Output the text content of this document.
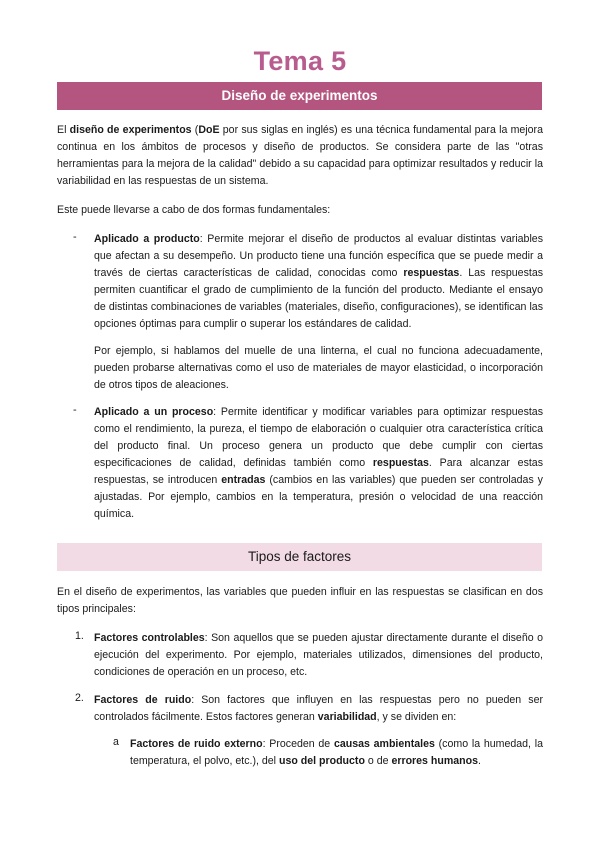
Tema 5
Diseño de experimentos

El diseño de experimentos (DoE por sus siglas en inglés) es una técnica fundamental para la mejora continua en los ámbitos de procesos y diseño de productos. Se considera parte de las "otras herramientas para la mejora de la calidad" debido a su capacidad para optimizar resultados y reducir la variabilidad en las respuestas de un sistema.

Este puede llevarse a cabo de dos formas fundamentales:

- Aplicado a producto: Permite mejorar el diseño de productos al evaluar distintas variables que afectan a su desempeño. Un producto tiene una función específica que se puede medir a través de ciertas características de calidad, conocidas como respuestas. Las respuestas permiten cuantificar el grado de cumplimiento de la función del producto. Mediante el ensayo de distintas combinaciones de variables (materiales, diseño, configuraciones), se identifican las opciones óptimas para cumplir o superar los estándares de calidad.

Por ejemplo, si hablamos del muelle de una linterna, el cual no funciona adecuadamente, pueden probarse alternativas como el uso de materiales de mayor elasticidad, o incorporación de otros tipos de aleaciones.

- Aplicado a un proceso: Permite identificar y modificar variables para optimizar respuestas como el rendimiento, la pureza, el tiempo de elaboración o cualquier otra característica crítica del producto final. Un proceso genera un producto que debe cumplir con ciertas especificaciones de calidad, definidas también como respuestas. Para alcanzar estas respuestas, se introducen entradas (cambios en las variables) que pueden ser controladas y ajustadas. Por ejemplo, cambios en la temperatura, presión o velocidad de una reacción química.

Tipos de factores

En el diseño de experimentos, las variables que pueden influir en las respuestas se clasifican en dos tipos principales:

1. Factores controlables: Son aquellos que se pueden ajustar directamente durante el diseño o ejecución del experimento. Por ejemplo, materiales utilizados, dimensiones del producto, condiciones de operación en un proceso, etc.

2. Factores de ruido: Son factores que influyen en las respuestas pero no pueden ser controlados fácilmente. Estos factores generan variabilidad, y se dividen en:

a Factores de ruido externo: Proceden de causas ambientales (como la humedad, la temperatura, el polvo, etc.), del uso del producto o de errores humanos.
